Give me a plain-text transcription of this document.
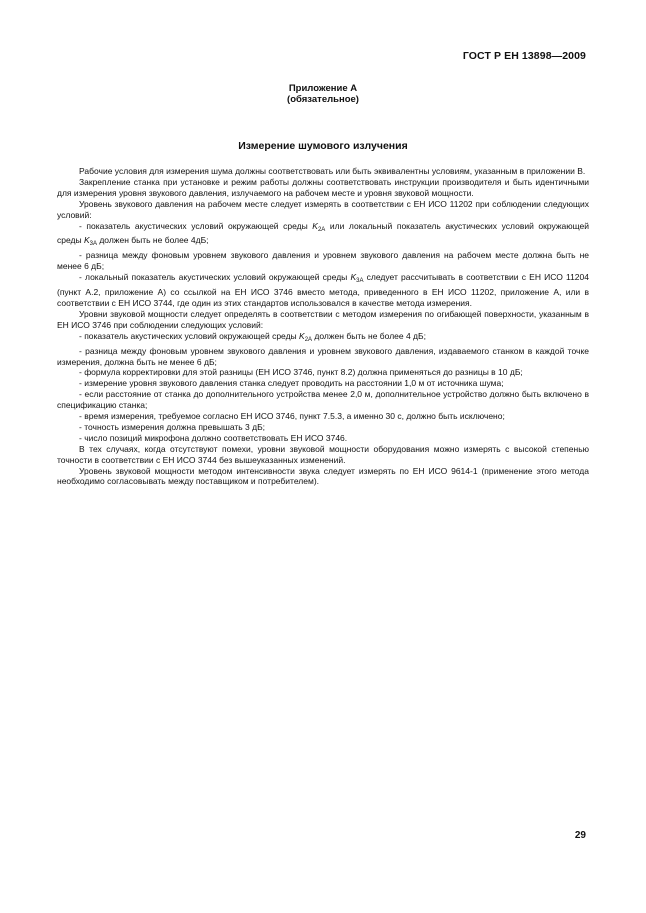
ГОСТ Р ЕН 13898—2009
Приложение А
(обязательное)
Измерение шумового излучения

Рабочие условия для измерения шума должны соответствовать или быть эквивалентны условиям, указанным в приложении В.

Закрепление станка при установке и режим работы должны соответствовать инструкции производителя и быть идентичными для измерения уровня звукового давления, излучаемого на рабочем месте и уровня звуковой мощности.

Уровень звукового давления на рабочем месте следует измерять в соответствии с ЕН ИСО 11202 при соблюдении следующих условий:

- показатель акустических условий окружающей среды $K_{2A}$ или локальный показатель акустических условий окружающей среды $K_{3A}$ должен быть не более 4дБ;

- разница между фоновым уровнем звукового давления и уровнем звукового давления на рабочем месте должна быть не менее 6 дБ;

- локальный показатель акустических условий окружающей среды $K_{3A}$ следует рассчитывать в соответствии с ЕН ИСО 11204 (пункт А.2, приложение А) со ссылкой на ЕН ИСО 3746 вместо метода, приведенного в ЕН ИСО 11202, приложение А, или в соответствии с ЕН ИСО 3744, где один из этих стандартов использовался в качестве метода измерения.

Уровни звуковой мощности следует определять в соответствии с методом измерения по огибающей поверхности, указанным в ЕН ИСО 3746 при соблюдении следующих условий:

- показатель акустических условий окружающей среды $K_{2A}$ должен быть не более 4 дБ;

- разница между фоновым уровнем звукового давления и уровнем звукового давления, издаваемого станком в каждой точке измерения, должна быть не менее 6 дБ;

- формула корректировки для этой разницы (ЕН ИСО 3746, пункт 8.2) должна применяться до разницы в 10 дБ;

- измерение уровня звукового давления станка следует проводить на расстоянии 1,0 м от источника шума;

- если расстояние от станка до дополнительного устройства менее 2,0 м, дополнительное устройство должно быть включено в спецификацию станка;

- время измерения, требуемое согласно ЕН ИСО 3746, пункт 7.5.3, а именно 30 с, должно быть исключено;

- точность измерения должна превышать 3 дБ;

- число позиций микрофона должно соответствовать ЕН ИСО 3746.

В тех случаях, когда отсутствуют помехи, уровни звуковой мощности оборудования можно измерять с высокой степенью точности в соответствии с ЕН ИСО 3744 без вышеуказанных изменений.

Уровень звуковой мощности методом интенсивности звука следует измерять по ЕН ИСО 9614-1 (применение этого метода необходимо согласовывать между поставщиком и потребителем).

29
